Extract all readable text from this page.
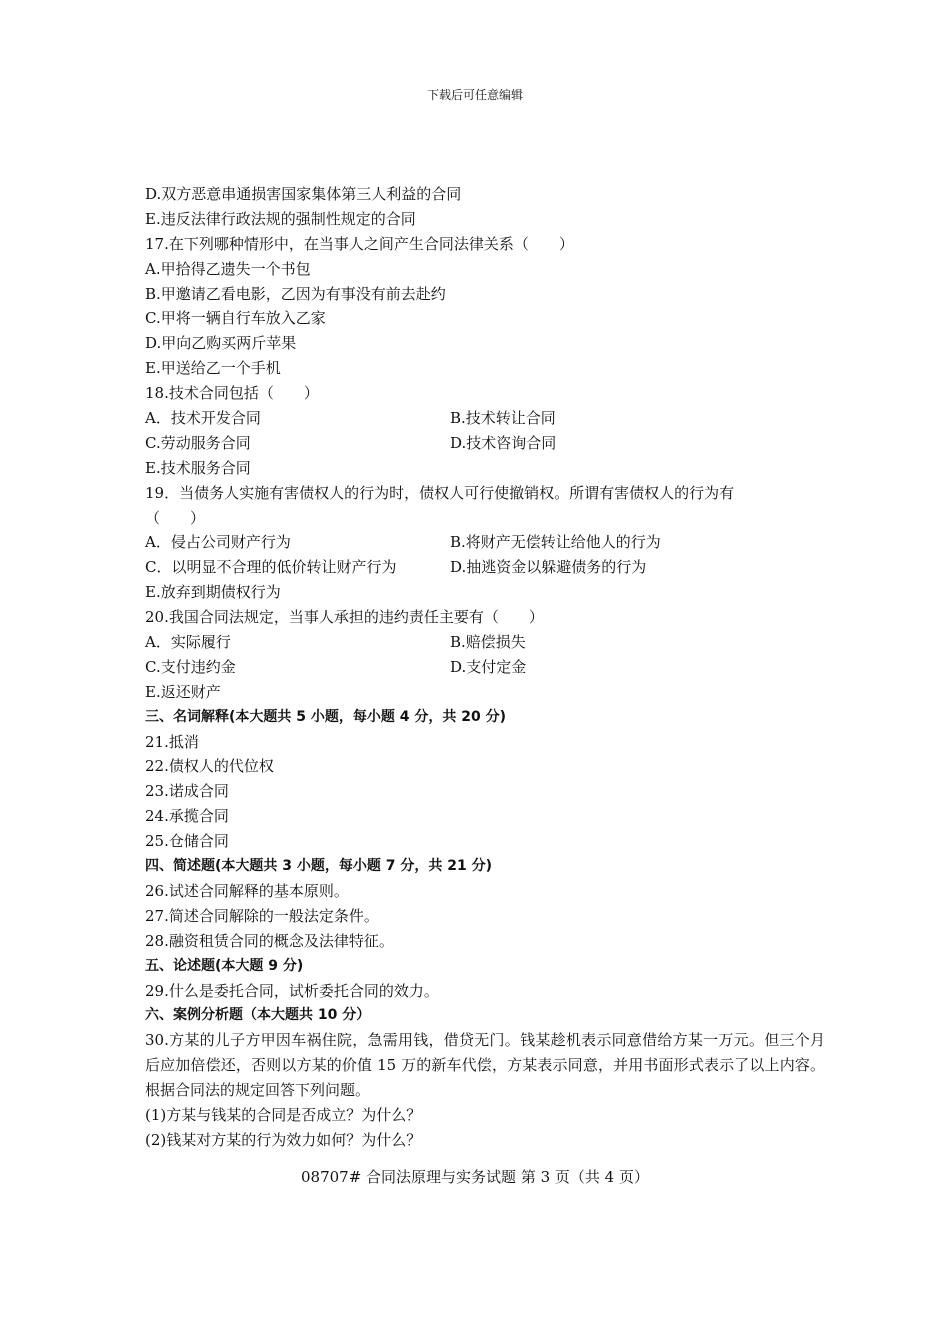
下载后可任意编辑
D.双方恶意串通损害国家集体第三人利益的合同
E.违反法律行政法规的强制性规定的合同
17.在下列哪种情形中，在当事人之间产生合同法律关系（　　）
A.甲拾得乙遗失一个书包
B.甲邀请乙看电影，乙因为有事没有前去赴约
C.甲将一辆自行车放入乙家
D.甲向乙购买两斤苹果
E.甲送给乙一个手机
18.技术合同包括（　　）
A．技术开发合同	B.技术转让合同
C.劳动服务合同	D.技术咨询合同
E.技术服务合同
19．当债务人实施有害债权人的行为时，债权人可行使撤销权。所谓有害债权人的行为有
（　　）
A．侵占公司财产行为	B.将财产无偿转让给他人的行为
C．以明显不合理的低价转让财产行为	D.抽逃资金以躲避债务的行为
E.放弃到期债权行为
20.我国合同法规定，当事人承担的违约责任主要有（　　）
A．实际履行	B.赔偿损失
C.支付违约金	D.支付定金
E.返还财产
三、名词解释(本大题共 5 小题，每小题 4 分，共 20 分)
21.抵消
22.债权人的代位权
23.诺成合同
24.承揽合同
25.仓储合同
四、简述题(本大题共 3 小题，每小题 7 分，共 21 分)
26.试述合同解释的基本原则。
27.简述合同解除的一般法定条件。
28.融资租赁合同的概念及法律特征。
五、论述题(本大题 9 分)
29.什么是委托合同，试析委托合同的效力。
六、案例分析题（本大题共 10 分）
30.方某的儿子方甲因车祸住院，急需用钱，借贷无门。钱某趁机表示同意借给方某一万元。但三个月后应加倍偿还，否则以方某的价值 15 万的新车代偿，方某表示同意，并用书面形式表示了以上内容。根据合同法的规定回答下列问题。
(1)方某与钱某的合同是否成立？为什么？
(2)钱某对方某的行为效力如何？为什么？
08707# 合同法原理与实务试题 第 3 页（共 4 页）
